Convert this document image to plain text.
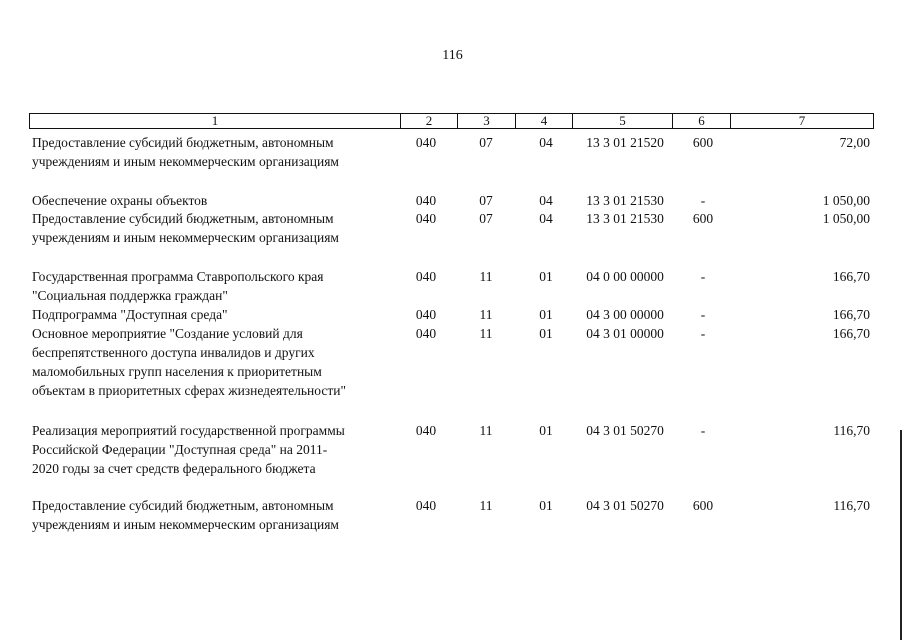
116
1	2	3	4	5	6	7
Предоставление субсидий бюджетным, автономным
учреждениям и иным некоммерческим организациям
040	07	04	13 3 01 21520	600	72,00
Обеспечение охраны объектов	040	07	04	13 3 01 21530	-	1 050,00
Предоставление субсидий бюджетным, автономным
учреждениям и иным некоммерческим организациям
040	07	04	13 3 01 21530	600	1 050,00
Государственная программа Ставропольского края
"Социальная поддержка граждан"
040	11	01	04 0 00 00000	-	166,70
Подпрограмма "Доступная среда"	040	11	01	04 3 00 00000	-	166,70
Основное мероприятие "Создание условий для
беспрепятственного доступа инвалидов и других
маломобильных групп населения к приоритетным
объектам в приоритетных сферах жизнедеятельности"
040	11	01	04 3 01 00000	-	166,70
Реализация мероприятий государственной программы
Российской Федерации "Доступная среда" на 2011-
2020 годы за счет средств федерального бюджета
040	11	01	04 3 01 50270	-	116,70
Предоставление субсидий бюджетным, автономным
учреждениям и иным некоммерческим организациям
040	11	01	04 3 01 50270	600	116,70
